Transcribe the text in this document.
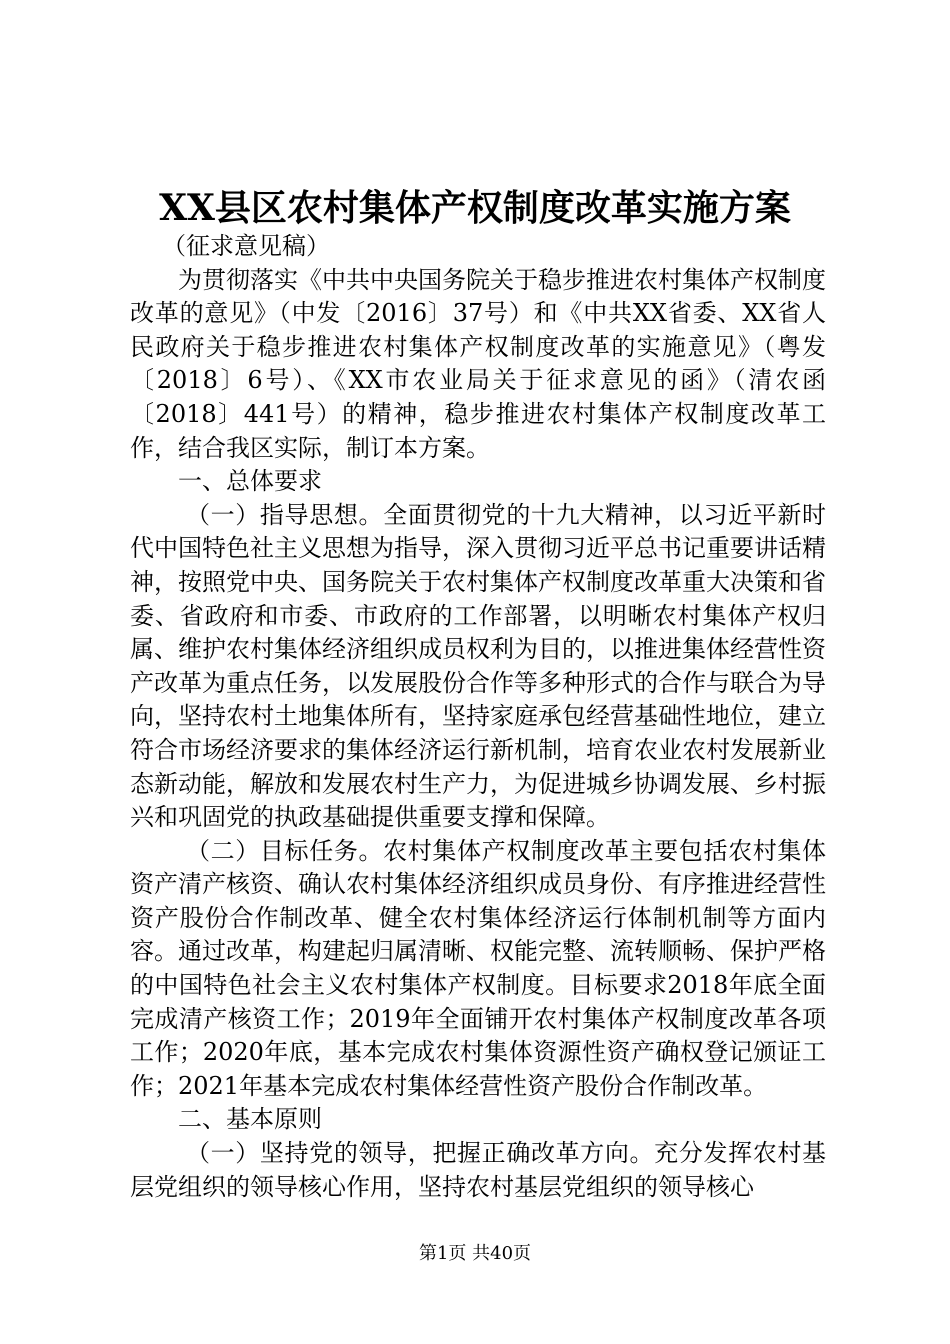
XX县区农村集体产权制度改革实施方案

（征求意见稿）

为贯彻落实《中共中央国务院关于稳步推进农村集体产权制度改革的意见》（中发〔2016〕37号）和《中共XX省委、XX省人民政府关于稳步推进农村集体产权制度改革的实施意见》（粤发〔2018〕6号）、《XX市农业局关于征求意见的函》（清农函〔2018〕441号）的精神，稳步推进农村集体产权制度改革工作，结合我区实际，制订本方案。

一、总体要求

（一）指导思想。全面贯彻党的十九大精神，以习近平新时代中国特色社主义思想为指导，深入贯彻习近平总书记重要讲话精神，按照党中央、国务院关于农村集体产权制度改革重大决策和省委、省政府和市委、市政府的工作部署，以明晰农村集体产权归属、维护农村集体经济组织成员权利为目的，以推进集体经营性资产改革为重点任务，以发展股份合作等多种形式的合作与联合为导向，坚持农村土地集体所有，坚持家庭承包经营基础性地位，建立符合市场经济要求的集体经济运行新机制，培育农业农村发展新业态新动能，解放和发展农村生产力，为促进城乡协调发展、乡村振兴和巩固党的执政基础提供重要支撑和保障。

（二）目标任务。农村集体产权制度改革主要包括农村集体资产清产核资、确认农村集体经济组织成员身份、有序推进经营性资产股份合作制改革、健全农村集体经济运行体制机制等方面内容。通过改革，构建起归属清晰、权能完整、流转顺畅、保护严格的中国特色社会主义农村集体产权制度。目标要求2018年底全面完成清产核资工作；2019年全面铺开农村集体产权制度改革各项工作；2020年底，基本完成农村集体资源性资产确权登记颁证工作；2021年基本完成农村集体经营性资产股份合作制改革。

二、基本原则

（一）坚持党的领导，把握正确改革方向。充分发挥农村基层党组织的领导核心作用，坚持农村基层党组织的领导核心

第1页 共40页
